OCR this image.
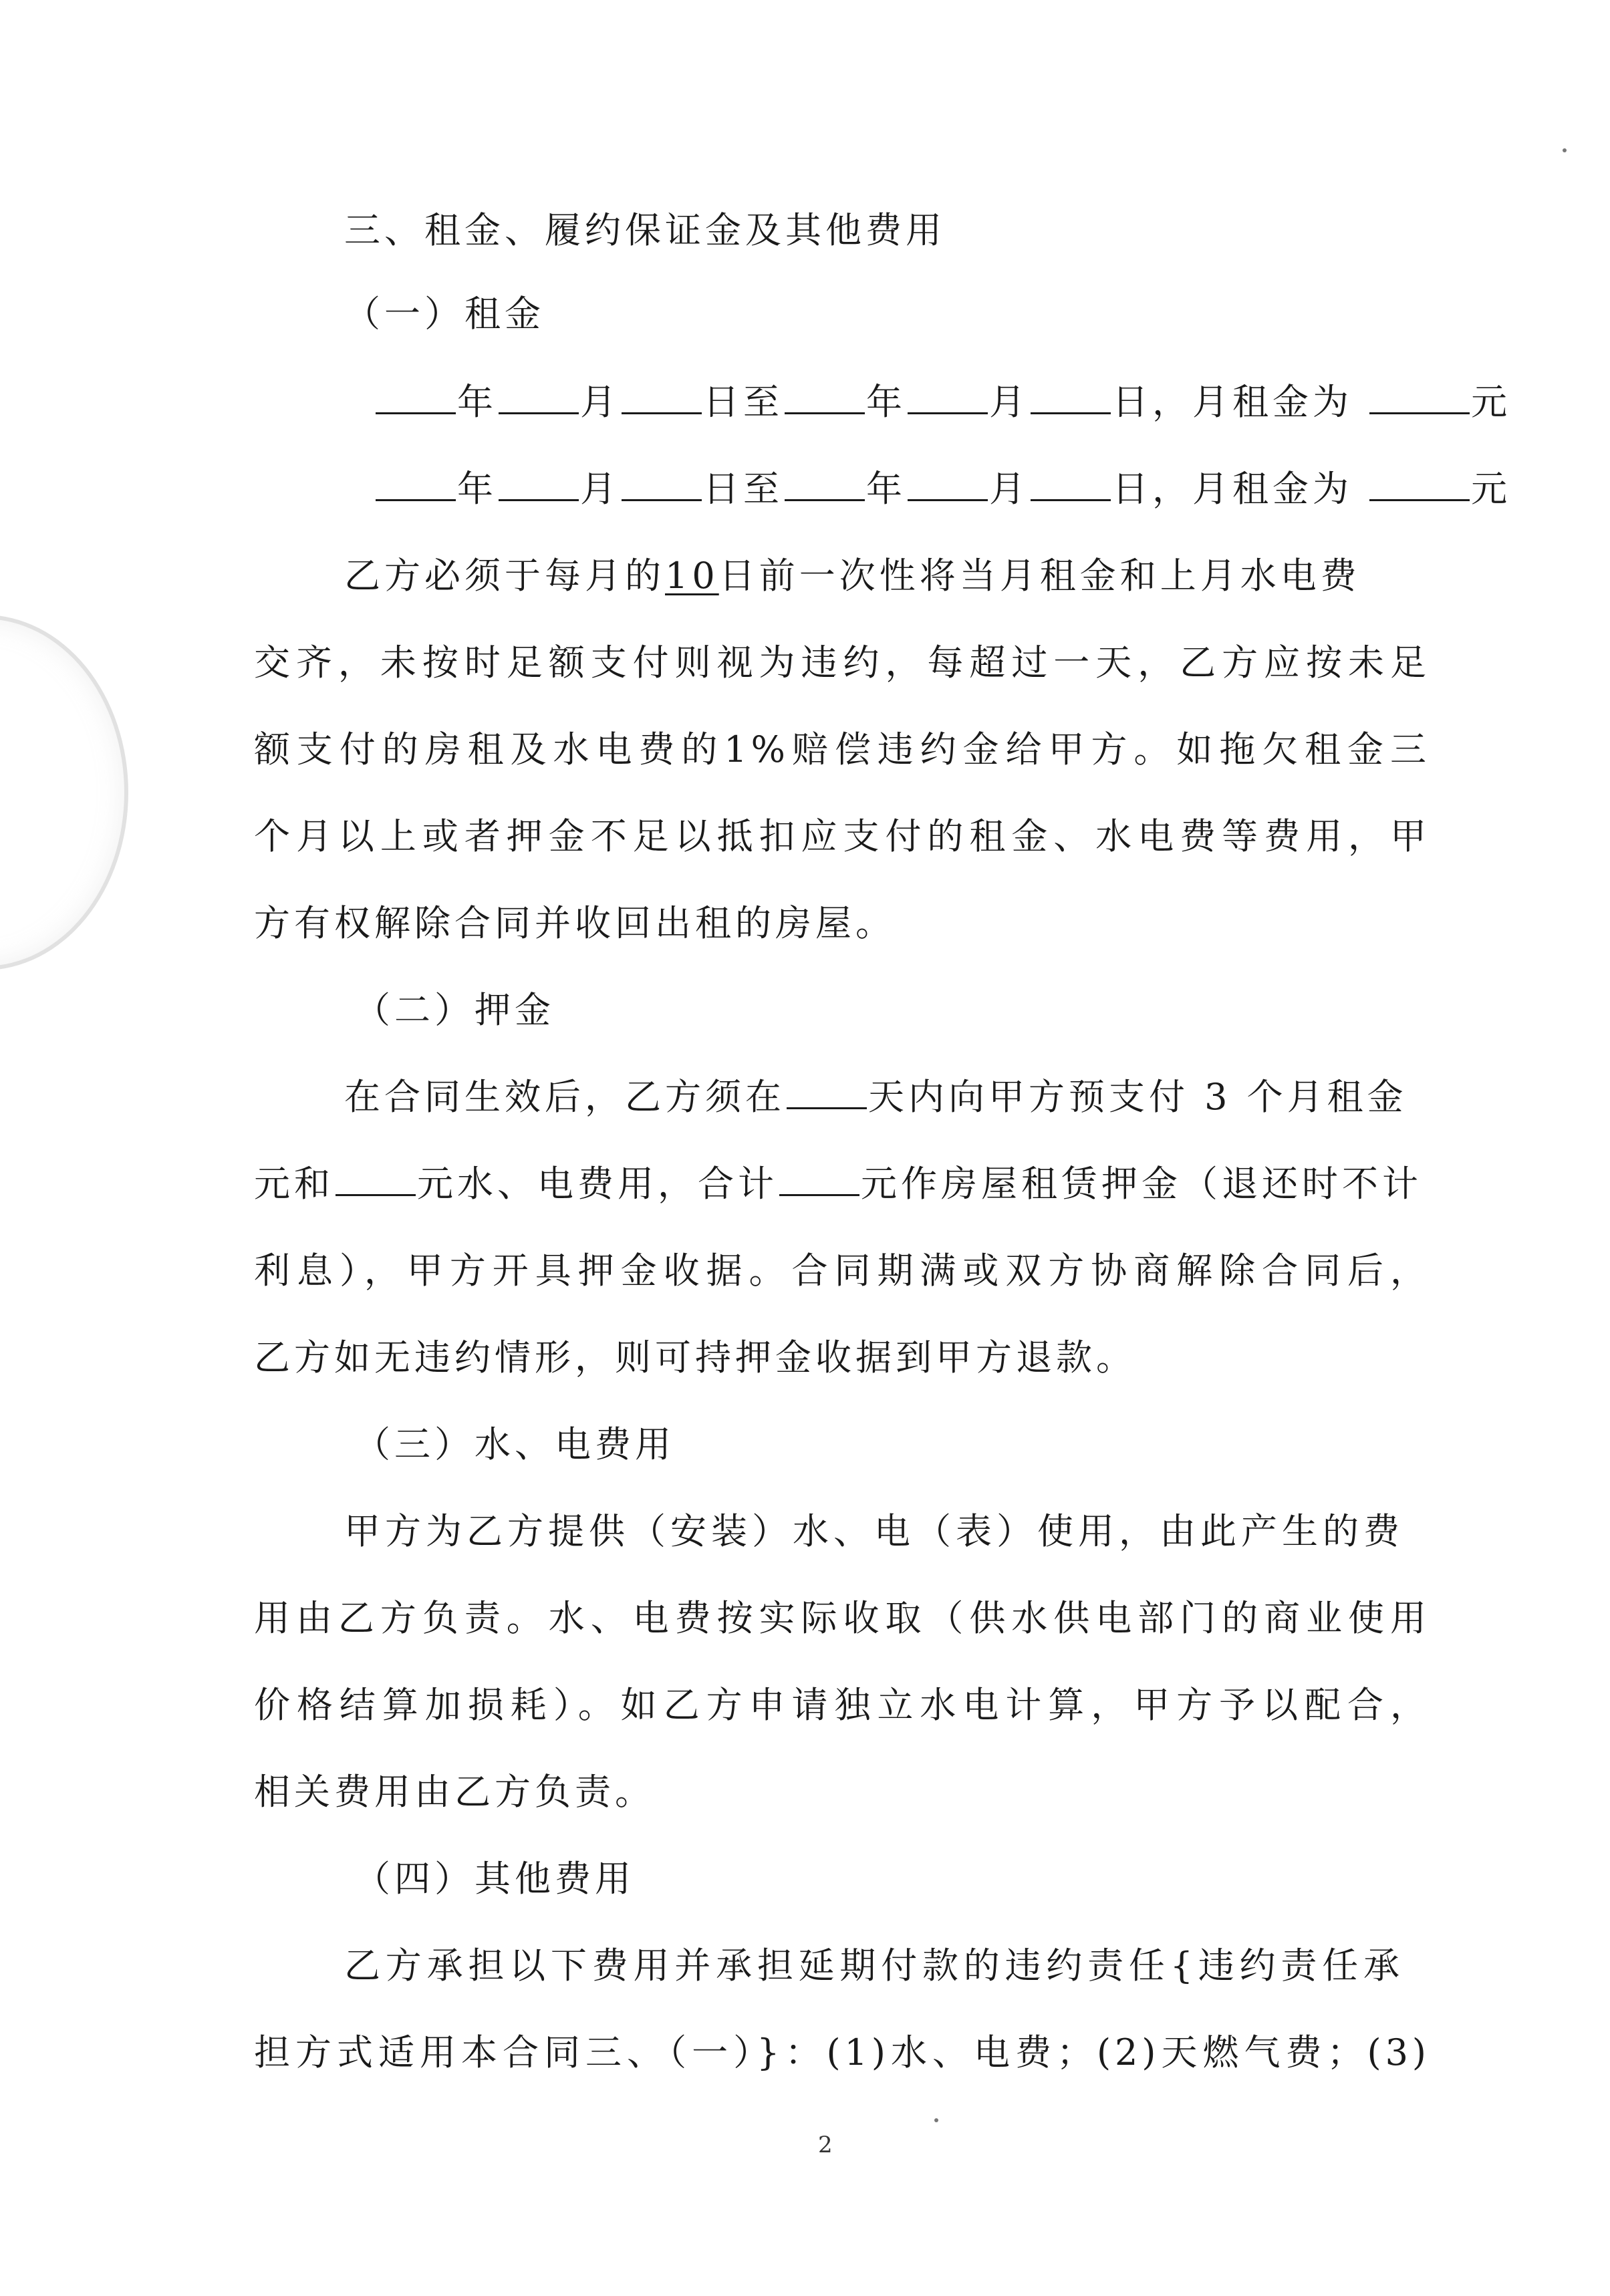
三、租金、履约保证金及其他费用
（一）租金
年 月 日至 年 月 日，月租金为	元
年 月 日至 年 月 日，月租金为	元
乙方必须于每月的10日前一次性将当月租金和上月水电费
交齐，未按时足额支付则视为违约，每超过一天，乙方应按未足
额支付的房租及水电费的1%赔偿违约金给甲方。如拖欠租金三
个月以上或者押金不足以抵扣应支付的租金、水电费等费用，甲
方有权解除合同并收回出租的房屋。
（二）押金
在合同生效后，乙方须在 天内向甲方预支付 3 个月租金
元和 元水、电费用，合计 元作房屋租赁押金（退还时不计
利息），甲方开具押金收据。合同期满或双方协商解除合同后，
乙方如无违约情形，则可持押金收据到甲方退款。
（三）水、电费用
甲方为乙方提供（安装）水、电（表）使用，由此产生的费
用由乙方负责。水、电费按实际收取（供水供电部门的商业使用
价格结算加损耗）。如乙方申请独立水电计算，甲方予以配合，
相关费用由乙方负责。
（四）其他费用
乙方承担以下费用并承担延期付款的违约责任{违约责任承
担方式适用本合同三、（一）}：(1)水、电费；(2)天燃气费；(3)
2
